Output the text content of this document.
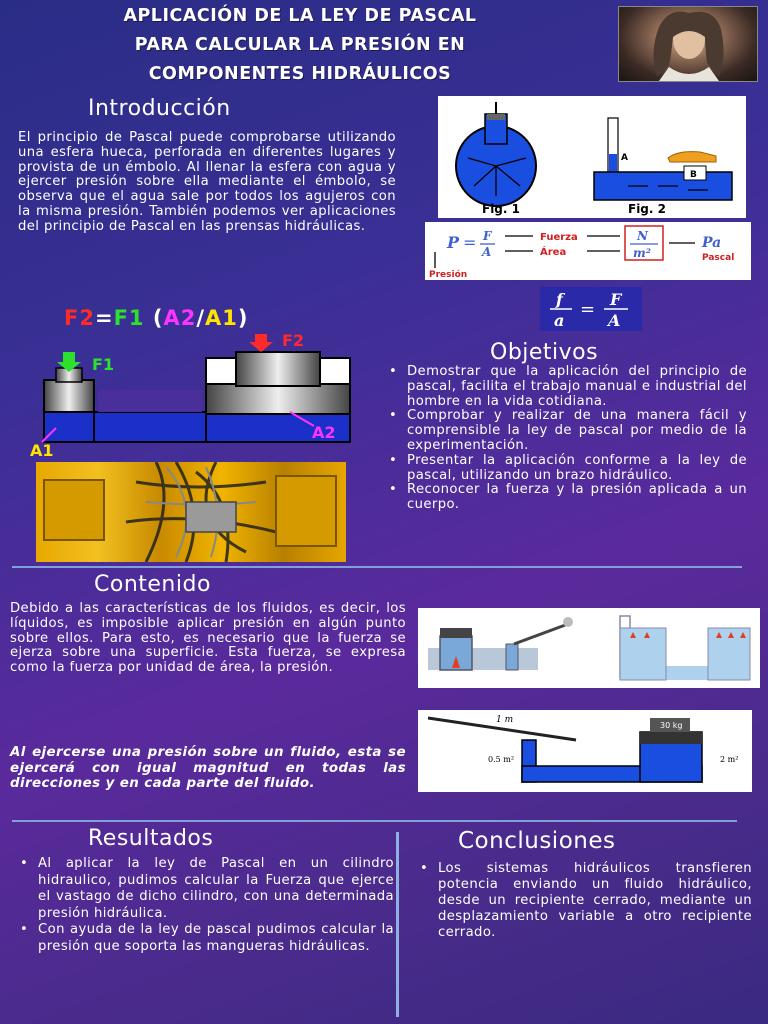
APLICACIÓN DE LA LEY DE PASCAL
PARA CALCULAR LA PRESIÓN EN
COMPONENTES HIDRÁULICOS
Introducción
El principio de Pascal puede comprobarse utilizando una esfera hueca, perforada en diferentes lugares y provista de un émbolo. Al llenar la esfera con agua y ejercer presión sobre ella mediante el émbolo, se observa que el agua sale por todos los agujeros con la misma presión. También podemos ver aplicaciones del principio de Pascal en las prensas hidráulicas.
Fig. 1	Fig. 2
A
B
P = F
A
Fuerza
Área
N
m²
Pa
Pascal
Presión
f
a
= F
A
F2=F1 (A2/A1)
F1
F2
A1
A2
Objetivos
• Demostrar que la aplicación del principio de pascal, facilita el trabajo manual e industrial del hombre en la vida cotidiana.
• Comprobar y realizar de una manera fácil y comprensible la ley de pascal por medio de la experimentación.
• Presentar la aplicación conforme a la ley de pascal, utilizando un brazo hidráulico.
• Reconocer la fuerza y la presión aplicada a un cuerpo.
Contenido
Debido a las características de los fluidos, es decir, los líquidos, es imposible aplicar presión en algún punto sobre ellos. Para esto, es necesario que la fuerza se ejerza sobre una superficie. Esta fuerza, se expresa como la fuerza por unidad de área, la presión.
Al ejercerse una presión sobre un fluido, esta se ejercerá con igual magnitud en todas las direcciones y en cada parte del fluido.
1 m
30 kg
0.5 m²	2 m²
Resultados
• Al aplicar la ley de Pascal en un cilindro hidraulico, pudimos calcular la Fuerza que ejerce el vastago de dicho cilindro, con una determinada presión hidráulica.
• Con ayuda de la ley de pascal pudimos calcular la presión que soporta las mangueras hidráulicas.
Conclusiones
• Los sistemas hidráulicos transfieren potencia enviando un fluido hidráulico, desde un recipiente cerrado, mediante un desplazamiento variable a otro recipiente cerrado.
